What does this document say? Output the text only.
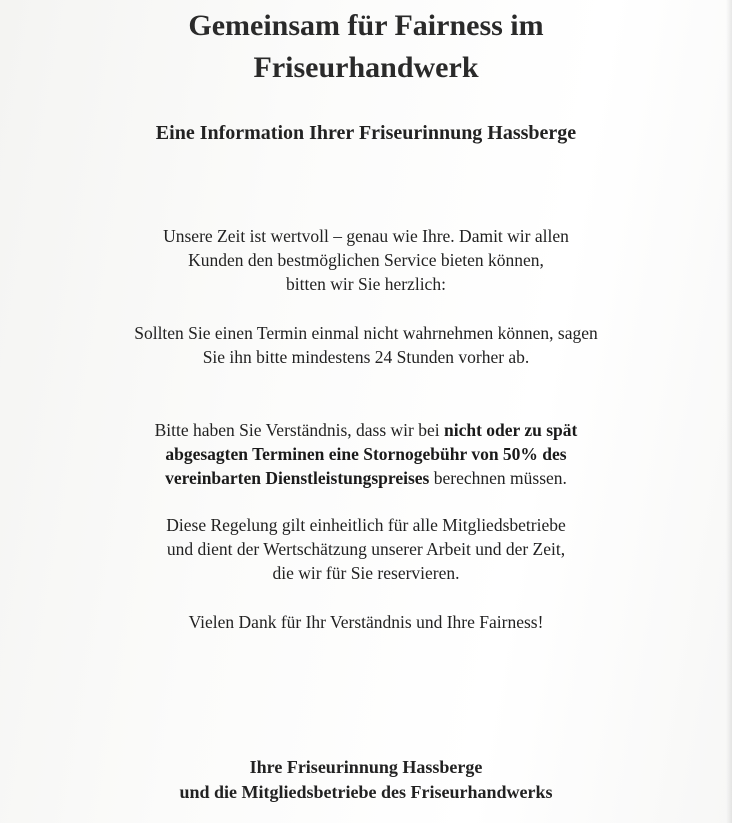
Gemeinsam für Fairness im
Friseurhandwerk
Eine Information Ihrer Friseurinnung Hassberge

Unsere Zeit ist wertvoll – genau wie Ihre. Damit wir allen
Kunden den bestmöglichen Service bieten können,
bitten wir Sie herzlich:

Sollten Sie einen Termin einmal nicht wahrnehmen können, sagen
Sie ihn bitte mindestens 24 Stunden vorher ab.

Bitte haben Sie Verständnis, dass wir bei nicht oder zu spät
abgesagten Terminen eine Stornogebühr von 50% des
vereinbarten Dienstleistungspreises berechnen müssen.

Diese Regelung gilt einheitlich für alle Mitgliedsbetriebe
und dient der Wertschätzung unserer Arbeit und der Zeit,
die wir für Sie reservieren.

Vielen Dank für Ihr Verständnis und Ihre Fairness!

Ihre Friseurinnung Hassberge
und die Mitgliedsbetriebe des Friseurhandwerks
